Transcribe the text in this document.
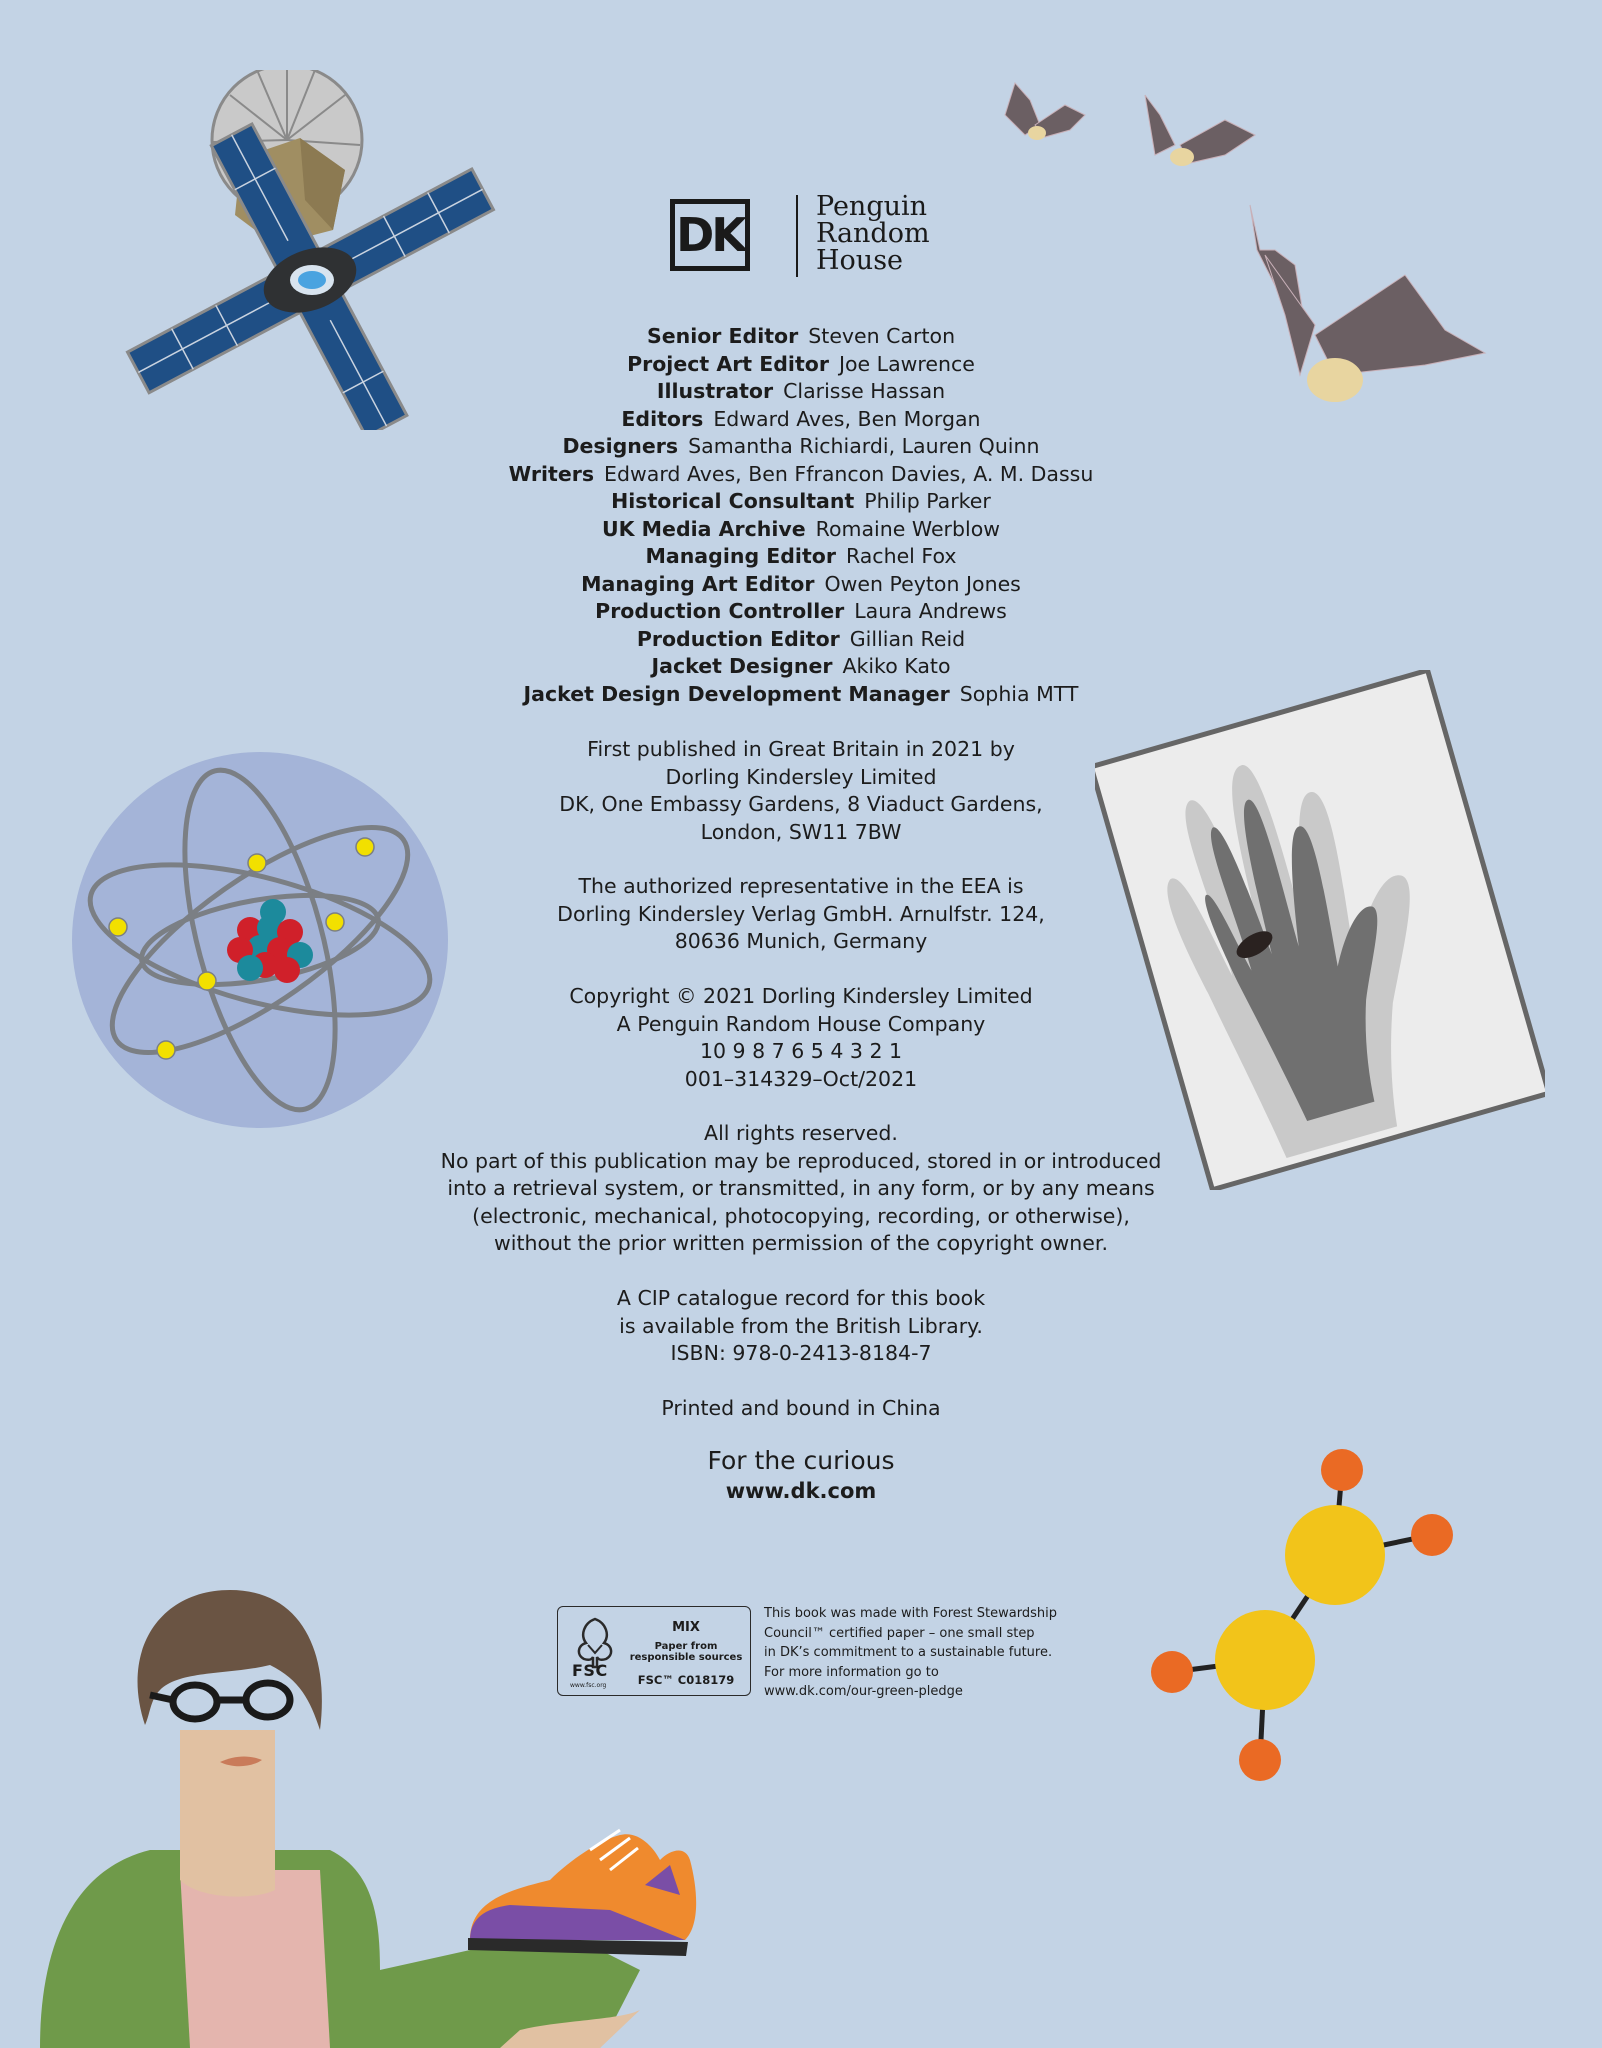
DK
Penguin
Random
House
Senior Editor Steven Carton
Project Art Editor Joe Lawrence
Illustrator Clarisse Hassan
Editors Edward Aves, Ben Morgan
Designers Samantha Richiardi, Lauren Quinn
Writers Edward Aves, Ben Ffrancon Davies, A. M. Dassu
Historical Consultant Philip Parker
UK Media Archive Romaine Werblow
Managing Editor Rachel Fox
Managing Art Editor Owen Peyton Jones
Production Controller Laura Andrews
Production Editor Gillian Reid
Jacket Designer Akiko Kato
Jacket Design Development Manager Sophia MTT
First published in Great Britain in 2021 by
Dorling Kindersley Limited
DK, One Embassy Gardens, 8 Viaduct Gardens,
London, SW11 7BW
The authorized representative in the EEA is
Dorling Kindersley Verlag GmbH. Arnulfstr. 124,
80636 Munich, Germany
Copyright © 2021 Dorling Kindersley Limited
A Penguin Random House Company
10 9 8 7 6 5 4 3 2 1
001–314329–Oct/2021
All rights reserved.
No part of this publication may be reproduced, stored in or introduced
into a retrieval system, or transmitted, in any form, or by any means
(electronic, mechanical, photocopying, recording, or otherwise),
without the prior written permission of the copyright owner.
A CIP catalogue record for this book
is available from the British Library.
ISBN: 978-0-2413-8184-7
Printed and bound in China
For the curious
www.dk.com
FSC
www.fsc.org
MIX
Paper from
responsible sources
FSC™ C018179
This book was made with Forest Stewardship
Council™ certified paper – one small step
in DK’s commitment to a sustainable future.
For more information go to
www.dk.com/our-green-pledge
